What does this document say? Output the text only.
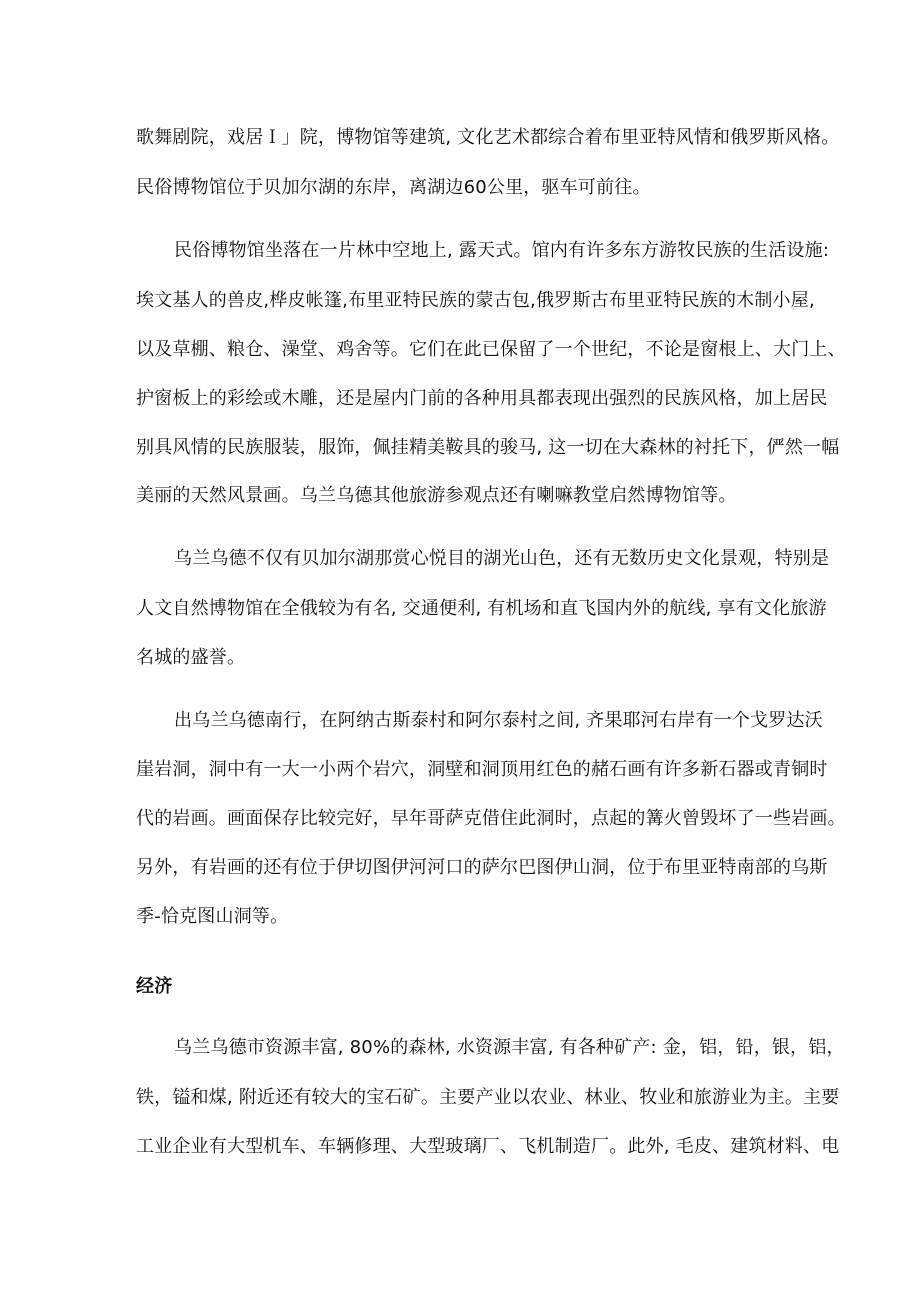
歌舞剧院，戏居Ｉ」院，博物馆等建筑, 文化艺术都综合着布里亚特风情和俄罗斯风格。
民俗博物馆位于贝加尔湖的东岸，离湖边60公里，驱车可前往。
民俗博物馆坐落在一片林中空地上, 露天式。馆内有许多东方游牧民族的生活设施:
埃文基人的兽皮,桦皮帐篷,布里亚特民族的蒙古包,俄罗斯古布里亚特民族的木制小屋,
以及草棚、粮仓、澡堂、鸡舍等。它们在此已保留了一个世纪，不论是窗根上、大门上、
护窗板上的彩绘或木雕，还是屋内门前的各种用具都表现出强烈的民族风格，加上居民
别具风情的民族服装，服饰，佩挂精美鞍具的骏马, 这一切在大森林的衬托下，俨然一幅
美丽的天然风景画。乌兰乌德其他旅游参观点还有喇嘛教堂启然博物馆等。
乌兰乌德不仅有贝加尔湖那赏心悦目的湖光山色，还有无数历史文化景观，特别是
人文自然博物馆在全俄较为有名, 交通便利, 有机场和直飞国内外的航线, 享有文化旅游
名城的盛誉。
出乌兰乌德南行，在阿纳古斯泰村和阿尔泰村之间, 齐果耶河右岸有一个戈罗达沃
崖岩洞，洞中有一大一小两个岩穴，洞壁和洞顶用红色的赭石画有许多新石器或青铜时
代的岩画。画面保存比较完好，早年哥萨克借住此洞时，点起的篝火曾毁坏了一些岩画。
另外，有岩画的还有位于伊切图伊河河口的萨尔巴图伊山洞，位于布里亚特南部的乌斯
季-恰克图山洞等。
经济
乌兰乌德市资源丰富, 80%的森林, 水资源丰富, 有各种矿产: 金，铝，铅，银，铝，
铁，镒和煤, 附近还有较大的宝石矿。主要产业以农业、林业、牧业和旅游业为主。主要
工业企业有大型机车、车辆修理、大型玻璃厂、飞机制造厂。此外, 毛皮、建筑材料、电
